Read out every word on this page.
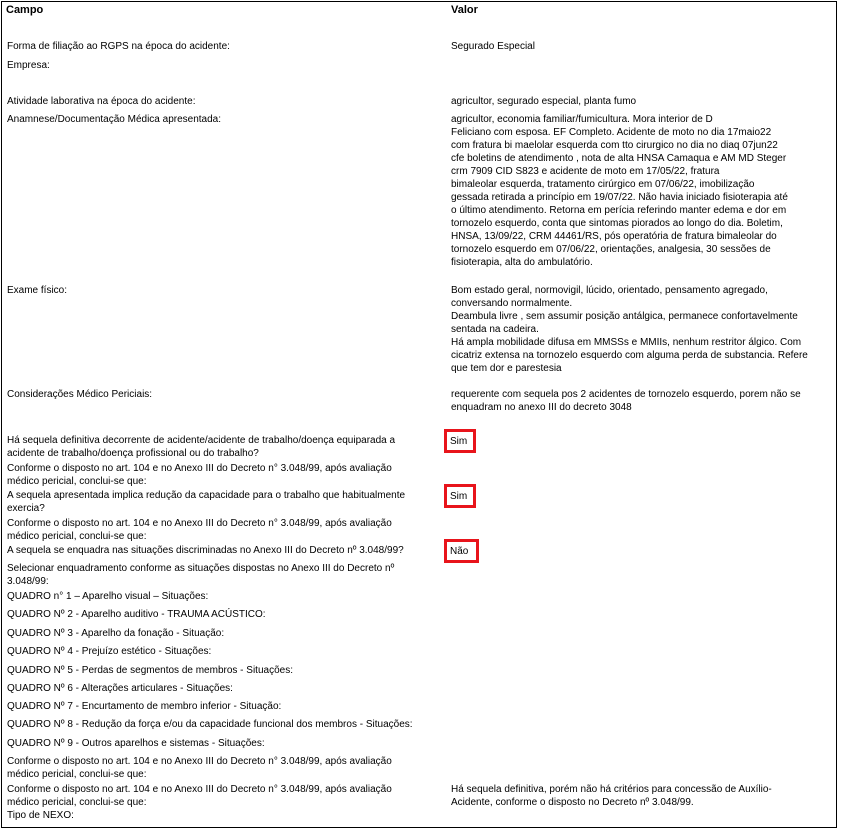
Campo	Valor
Forma de filiação ao RGPS na época do acidente:
Empresa:
Atividade laborativa na época do acidente:
Anamnese/Documentação Médica apresentada:
Exame físico:
Considerações Médico Periciais:
Há sequela definitiva decorrente de acidente/acidente de trabalho/doença equiparada a
acidente de trabalho/doença profissional ou do trabalho?
Conforme o disposto no art. 104 e no Anexo III do Decreto n° 3.048/99, após avaliação
médico pericial, conclui-se que:
A sequela apresentada implica redução da capacidade para o trabalho que habitualmente
exercia?
Conforme o disposto no art. 104 e no Anexo III do Decreto n° 3.048/99, após avaliação
médico pericial, conclui-se que:
A sequela se enquadra nas situações discriminadas no Anexo III do Decreto nº 3.048/99?
Selecionar enquadramento conforme as situações dispostas no Anexo III do Decreto nº
3.048/99:
QUADRO n° 1 – Aparelho visual – Situações:
QUADRO Nº 2 - Aparelho auditivo - TRAUMA ACÚSTICO:
QUADRO Nº 3 - Aparelho da fonação - Situação:
QUADRO Nº 4 - Prejuízo estético - Situações:
QUADRO Nº 5 - Perdas de segmentos de membros - Situações:
QUADRO Nº 6 - Alterações articulares - Situações:
QUADRO Nº 7 - Encurtamento de membro inferior - Situação:
QUADRO Nº 8 - Redução da força e/ou da capacidade funcional dos membros - Situações:
QUADRO Nº 9 - Outros aparelhos e sistemas - Situações:
Conforme o disposto no art. 104 e no Anexo III do Decreto n° 3.048/99, após avaliação
médico pericial, conclui-se que:
Conforme o disposto no art. 104 e no Anexo III do Decreto n° 3.048/99, após avaliação
médico pericial, conclui-se que:
Tipo de NEXO:
Segurado Especial
agricultor, segurado especial, planta fumo
agricultor, economia familiar/fumicultura. Mora interior de D
Feliciano com esposa. EF Completo. Acidente de moto no dia 17maio22
com fratura bi maelolar esquerda com tto cirurgico no dia no diaq 07jun22
cfe boletins de atendimento , nota de alta HNSA Camaqua e AM MD Steger
crm 7909 CID S823 e acidente de moto em 17/05/22, fratura
bimaleolar esquerda, tratamento cirúrgico em 07/06/22, imobilização
gessada retirada a princípio em 19/07/22. Não havia iniciado fisioterapia até
o último atendimento. Retorna em perícia referindo manter edema e dor em
tornozelo esquerdo, conta que sintomas piorados ao longo do dia. Boletim,
HNSA, 13/09/22, CRM 44461/RS, pós operatória de fratura bimaleolar do
tornozelo esquerdo em 07/06/22, orientações, analgesia, 30 sessões de
fisioterapia, alta do ambulatório.
Bom estado geral, normovigil, lúcido, orientado, pensamento agregado,
conversando normalmente.
Deambula livre , sem assumir posição antálgica, permanece confortavelmente
sentada na cadeira.
Há ampla mobilidade difusa em MMSSs e MMIIs, nenhum restritor álgico. Com
cicatriz extensa na tornozelo esquerdo com alguma perda de substancia. Refere
que tem dor e parestesia
requerente com sequela pos 2 acidentes de tornozelo esquerdo, porem não se
enquadram no anexo III do decreto 3048
Sim
Sim
Não
Há sequela definitiva, porém não há critérios para concessão de Auxílio-
Acidente, conforme o disposto no Decreto nº 3.048/99.
